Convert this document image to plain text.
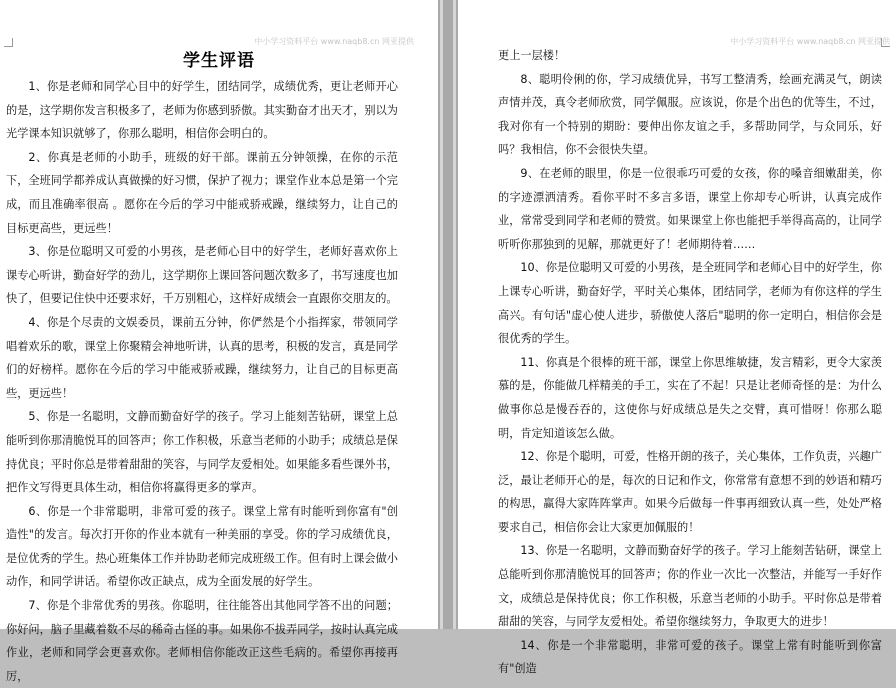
中小学习资料平台 www.naqb8.cn 网亚提供
学生评语

1、你是老师和同学心目中的好学生，团结同学，成绩优秀，更让老师开心的是，这学期你发言积极多了，老师为你感到骄傲。其实勤奋才出天才，别以为光学课本知识就够了，你那么聪明，相信你会明白的。

2、你真是老师的小助手，班级的好干部。课前五分钟领操，在你的示范下，全班同学都养成认真做操的好习惯，保护了视力；课堂作业本总是第一个完成，而且准确率很高 。愿你在今后的学习中能戒骄戒躁，继续努力，让自己的目标更高些，更远些！

3、你是位聪明又可爱的小男孩，是老师心目中的好学生，老师好喜欢你上课专心听讲，勤奋好学的劲儿，这学期你上课回答问题次数多了，书写速度也加快了，但要记住快中还要求好，千万别粗心，这样好成绩会一直跟你交朋友的。

4、你是个尽责的文娱委员，课前五分钟，你俨然是个小指挥家，带领同学唱着欢乐的歌，课堂上你聚精会神地听讲，认真的思考，积极的发言，真是同学们的好榜样。愿你在今后的学习中能戒骄戒躁，继续努力，让自己的目标更高些，更远些！

5、你是一名聪明，文静而勤奋好学的孩子。学习上能刻苦钻研，课堂上总能听到你那清脆悦耳的回答声；你工作积极，乐意当老师的小助手；成绩总是保持优良；平时你总是带着甜甜的笑容，与同学友爱相处。如果能多看些课外书，把作文写得更具体生动，相信你将赢得更多的掌声。

6、你是一个非常聪明，非常可爱的孩子。课堂上常有时能听到你富有"创造性"的发言。每次打开你的作业本就有一种美丽的享受。你的学习成绩优良，是位优秀的学生。热心班集体工作并协助老师完成班级工作。但有时上课会做小动作，和同学讲话。希望你改正缺点，成为全面发展的好学生。

7、你是个非常优秀的男孩。你聪明，往往能答出其他同学答不出的问题；你好问，脑子里藏着数不尽的稀奇古怪的事。如果你不拔弄同学，按时认真完成作业，老师和同学会更喜欢你。老师相信你能改正这些毛病的。希望你再接再厉，

中小学习资料平台 www.naqb8.cn 网亚提供

更上一层楼！

8、聪明伶俐的你，学习成绩优异，书写工整清秀，绘画充满灵气，朗读声情并茂，真令老师欣赏，同学佩服。应该说，你是个出色的优等生，不过，我对你有一个特别的期盼：要伸出你友谊之手，多帮助同学，与众同乐，好吗？我相信，你不会很快失望。

9、在老师的眼里，你是一位很乖巧可爱的女孩，你的嗓音细嫩甜美，你的字迹漂洒清秀。看你平时不多言多语，课堂上你却专心听讲，认真完成作业，常常受到同学和老师的赞赏。如果课堂上你也能把手举得高高的，让同学听听你那独到的见解，那就更好了！老师期待着……

10、你是位聪明又可爱的小男孩，是全班同学和老师心目中的好学生，你上课专心听讲，勤奋好学，平时关心集体，团结同学，老师为有你这样的学生高兴。有句话"虚心使人进步，骄傲使人落后"聪明的你一定明白，相信你会是很优秀的学生。

11、你真是个很棒的班干部，课堂上你思维敏捷，发言精彩，更令大家羡慕的是，你能做几样精美的手工，实在了不起！只是让老师奇怪的是：为什么做事你总是慢吞吞的，这使你与好成绩总是失之交臂，真可惜呀！你那么聪明，肯定知道该怎么做。

12、你是个聪明，可爱，性格开朗的孩子，关心集体，工作负责，兴趣广泛，最让老师开心的是，每次的日记和作文，你常常有意想不到的妙语和精巧的构思，赢得大家阵阵掌声。如果今后做每一件事再细致认真一些，处处严格要求自己，相信你会让大家更加佩服的！

13、你是一名聪明，文静而勤奋好学的孩子。学习上能刻苦钻研，课堂上总能听到你那清脆悦耳的回答声；你的作业一次比一次整洁，并能写一手好作文，成绩总是保持优良；你工作积极，乐意当老师的小助手。平时你总是带着甜甜的笑容，与同学友爱相处。希望你继续努力，争取更大的进步！

14、你是一个非常聪明，非常可爱的孩子。课堂上常有时能听到你富有"创造
